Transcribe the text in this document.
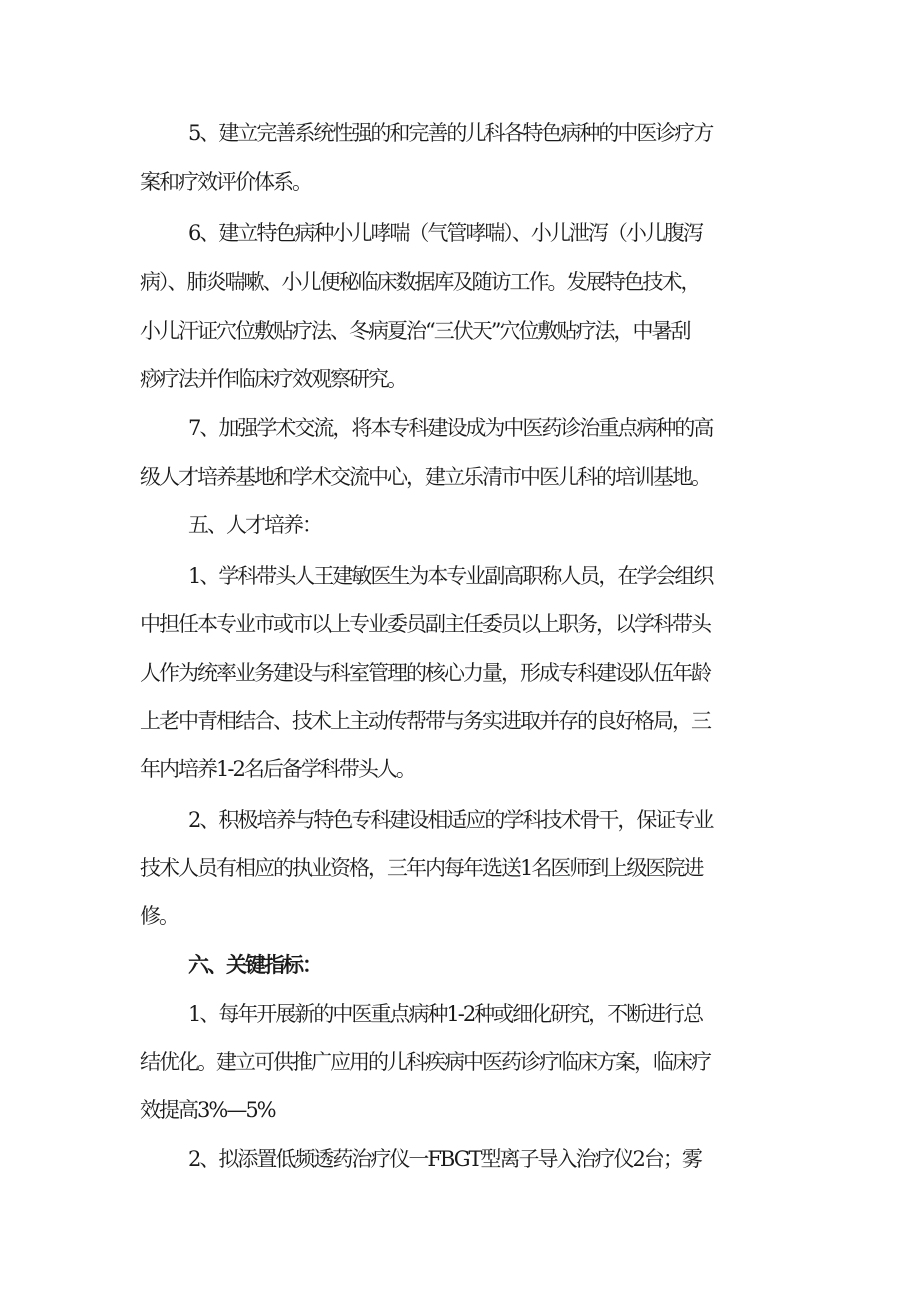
5、建立完善系统性强的和完善的儿科各特色病种的中医诊疗方
案和疗效评价体系。
6、建立特色病种小儿哮喘（气管哮喘）、小儿泄泻（小儿腹泻
病）、肺炎喘嗽、小儿便秘临床数据库及随访工作。发展特色技术，
小儿汗证穴位敷贴疗法、冬病夏治“三伏天”穴位敷贴疗法，中暑刮
痧疗法并作临床疗效观察研究。
7、加强学术交流，将本专科建设成为中医药诊治重点病种的高
级人才培养基地和学术交流中心，建立乐清市中医儿科的培训基地。
五、人才培养：
1、学科带头人王建敏医生为本专业副高职称人员，在学会组织
中担任本专业市或市以上专业委员副主任委员以上职务，以学科带头
人作为统率业务建设与科室管理的核心力量，形成专科建设队伍年龄
上老中青相结合、技术上主动传帮带与务实进取并存的良好格局，三
年内培养1-2名后备学科带头人。
2、积极培养与特色专科建设相适应的学科技术骨干，保证专业
技术人员有相应的执业资格，三年内每年选送1名医师到上级医院进
修。
六、关键指标：
1、每年开展新的中医重点病种1-2种或细化研究，不断进行总
结优化。建立可供推广应用的儿科疾病中医药诊疗临床方案，临床疗
效提高3%—5%
2、拟添置低频透药治疗仪一FBGT型离子导入治疗仪2台；雾
